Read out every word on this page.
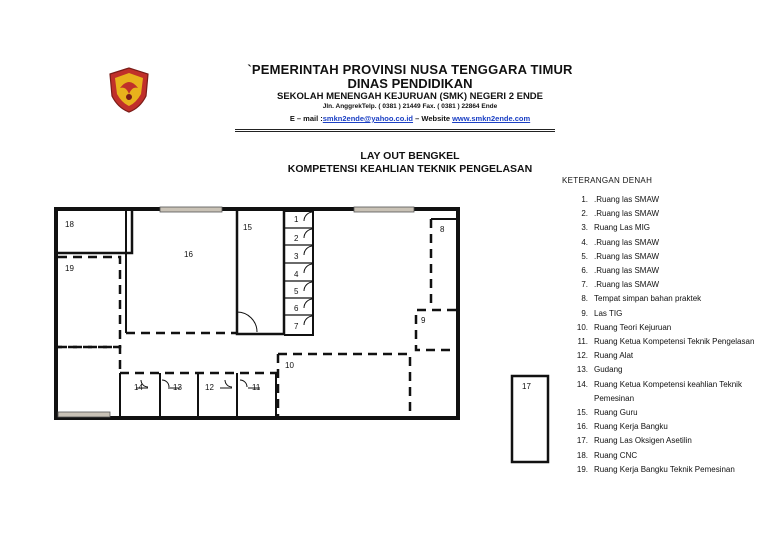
`PEMERINTAH PROVINSI NUSA TENGGARA TIMUR
DINAS PENDIDIKAN
SEKOLAH MENENGAH KEJURUAN (SMK) NEGERI 2 ENDE
Jln. AnggrekTelp. ( 0381 ) 21449 Fax. ( 0381 ) 22864 Ende
E – mail :smkn2ende@yahoo.co.id – Website www.smkn2ende.com
LAY OUT BENGKEL
KOMPETENSI KEAHLIAN TEKNIK PENGELASAN
KETERANGAN DENAH
1. .Ruang las SMAW
2. .Ruang las SMAW
3. Ruang Las MIG
4. .Ruang las SMAW
5. .Ruang las SMAW
6. .Ruang las SMAW
7. .Ruang las SMAW
8. Tempat simpan bahan praktek
9. Las TIG
10. Ruang Teori Kejuruan
11. Ruang Ketua Kompetensi Teknik Pengelasan
12. Ruang Alat
13. Gudang
14. Ruang Ketua Kompetensi keahlian Teknik Pemesinan
15. Ruang Guru
16. Ruang Kerja Bangku
17. Ruang Las Oksigen Asetilin
18. Ruang CNC
19. Ruang Kerja Bangku Teknik Pemesinan
18
19
16
15
1
2
3
4
5
6
7
8
9
10
11
12
13
14	17
